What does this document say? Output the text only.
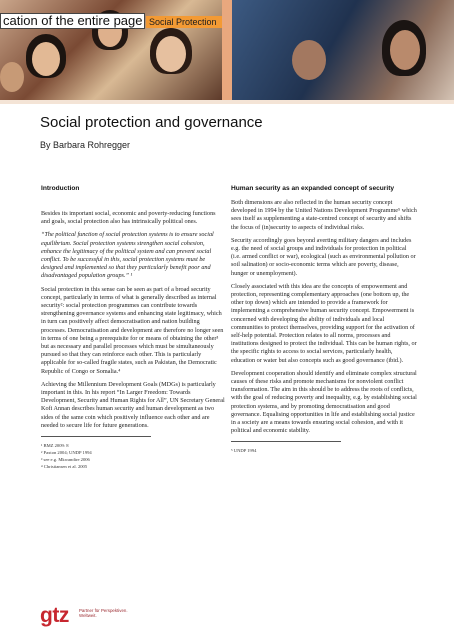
cation of the entire page Social Protection
Social protection and governance
By Barbara Rohregger
Introduction
Besides its important social, economic and poverty-reducing functions and goals, social protection also has intrinsically political ones.
“The political function of social protection systems is to ensure social equilibrium. Social protection systems strengthen social cohesion, enhance the legitimacy of the political system and can prevent social conflict. To be successful in this, social protection systems must be designed and implemented so that they particularly benefit poor and disadvantaged population groups.” ¹
Social protection in this sense can be seen as part of a broad security concept, particularly in terms of what is generally described as internal security²: social protection programmes can contribute towards strengthening governance systems and enhancing state legitimacy, which in turn can positively affect democratisation and nation building processes. Democratisation and development are therefore no longer seen in terms of one being a prerequisite for or means of obtaining the other³ but as necessary and parallel processes which must be simultaneously pursued so that they can reinforce each other. This is particularly applicable for so-called fragile states, such as Pakistan, the Democratic Republic of Congo or Somalia.⁴
Achieving the Millennium Development Goals (MDGs) is particularly important in this. In his report “In Larger Freedom: Towards Development, Security and Human Rights for All”, UN Secretary General Kofi Annan describes human security and human development as two sides of the same coin which positively influence each other and are needed to secure life for future generations.
¹ BMZ 2009: 8
² Paxton 2004; UNDP 1994
³ see e.g. Mkwandire 2006
⁴ Christiansen et al. 2005
Human security as an expanded concept of security
Both dimensions are also reflected in the human security concept developed in 1994 by the United Nations Development Programme⁵ which sees itself as supplementing a state-centred concept of security and shifts the focus of (in)security to aspects of individual risks.
Security accordingly goes beyond averting military dangers and includes e.g. the need of social groups and individuals for protection in political (i.e. armed conflict or war), ecological (such as environmental pollution or soil salination) or socio-economic terms which are poverty, disease, hunger or unemployment).
Closely associated with this idea are the concepts of empowerment and protection, representing complementary approaches (one bottom up, the other top down) which are intended to provide a framework for implementing a comprehensive human security concept. Empowerment is concerned with developing the ability of individuals and local communities to protect themselves, providing support for the activation of self-help potential. Protection relates to all norms, processes and institutions designed to protect the individual. This can be human rights, or the specific rights to access to social services, particularly health, education or water but also concepts such as good governance (ibid.).
Development cooperation should identify and eliminate complex structural causes of these risks and promote mechanisms for nonviolent conflict transformation. The aim in this should be to address the roots of conflicts, with the goal of reducing poverty and inequality, e.g. by establishing social protection systems, and by promoting democratisation and good governance. Equalising opportunities in life and establishing social justice in a society are a means towards ensuring social cohesion, and with it political and economic stability.
⁵ UNDP 1994
gtz Partner für Perspektiven. Weltweit.
